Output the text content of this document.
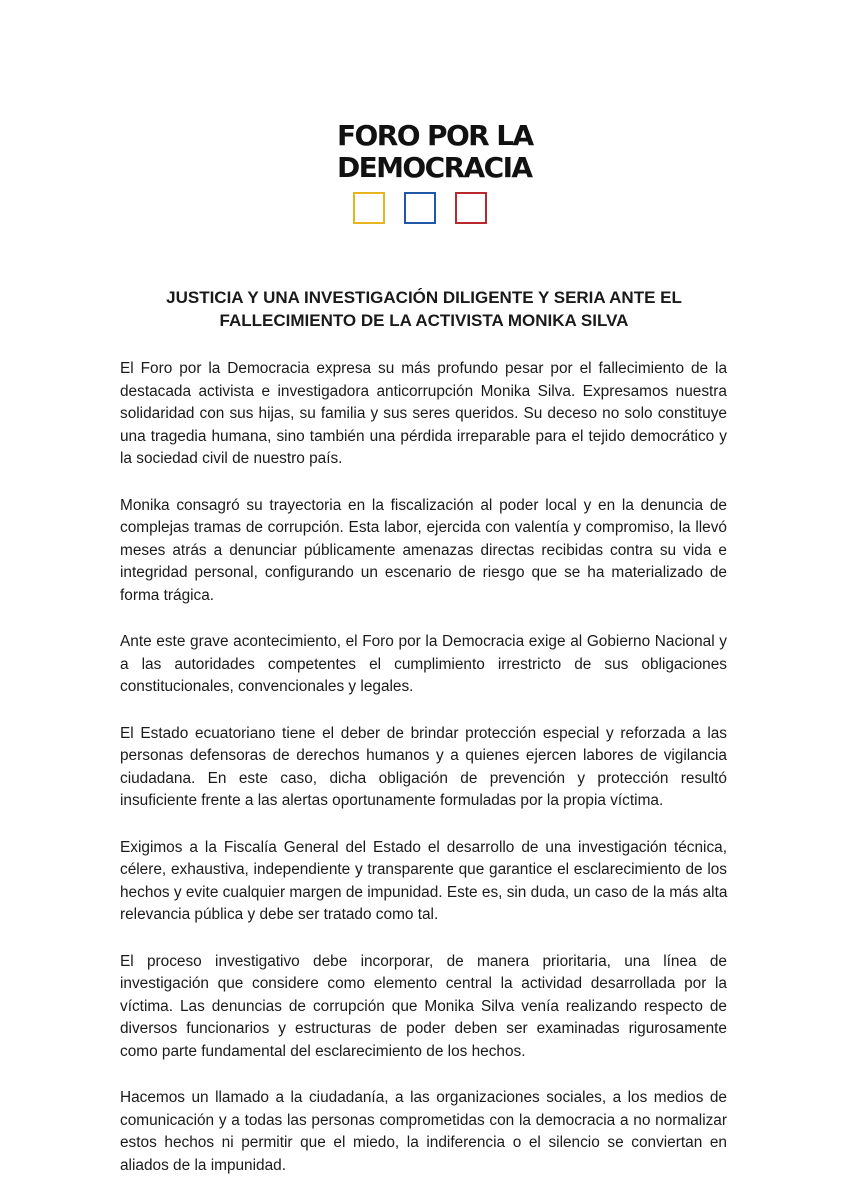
FORO POR LA
DEMOCRACIA
JUSTICIA Y UNA INVESTIGACIÓN DILIGENTE Y SERIA ANTE EL
FALLECIMIENTO DE LA ACTIVISTA MONIKA SILVA
El Foro por la Democracia expresa su más profundo pesar por el fallecimiento de la
destacada activista e investigadora anticorrupción Monika Silva. Expresamos nuestra
solidaridad con sus hijas, su familia y sus seres queridos. Su deceso no solo constituye
una tragedia humana, sino también una pérdida irreparable para el tejido democrático y
la sociedad civil de nuestro país.
Monika consagró su trayectoria en la fiscalización al poder local y en la denuncia de
complejas tramas de corrupción. Esta labor, ejercida con valentía y compromiso, la llevó
meses atrás a denunciar públicamente amenazas directas recibidas contra su vida e
integridad personal, configurando un escenario de riesgo que se ha materializado de
forma trágica.
Ante este grave acontecimiento, el Foro por la Democracia exige al Gobierno Nacional y
a las autoridades competentes el cumplimiento irrestricto de sus obligaciones
constitucionales, convencionales y legales.
El Estado ecuatoriano tiene el deber de brindar protección especial y reforzada a las
personas defensoras de derechos humanos y a quienes ejercen labores de vigilancia
ciudadana. En este caso, dicha obligación de prevención y protección resultó
insuficiente frente a las alertas oportunamente formuladas por la propia víctima.
Exigimos a la Fiscalía General del Estado el desarrollo de una investigación técnica,
célere, exhaustiva, independiente y transparente que garantice el esclarecimiento de los
hechos y evite cualquier margen de impunidad. Este es, sin duda, un caso de la más alta
relevancia pública y debe ser tratado como tal.
El proceso investigativo debe incorporar, de manera prioritaria, una línea de
investigación que considere como elemento central la actividad desarrollada por la
víctima. Las denuncias de corrupción que Monika Silva venía realizando respecto de
diversos funcionarios y estructuras de poder deben ser examinadas rigurosamente
como parte fundamental del esclarecimiento de los hechos.
Hacemos un llamado a la ciudadanía, a las organizaciones sociales, a los medios de
comunicación y a todas las personas comprometidas con la democracia a no normalizar
estos hechos ni permitir que el miedo, la indiferencia o el silencio se conviertan en
aliados de la impunidad.
